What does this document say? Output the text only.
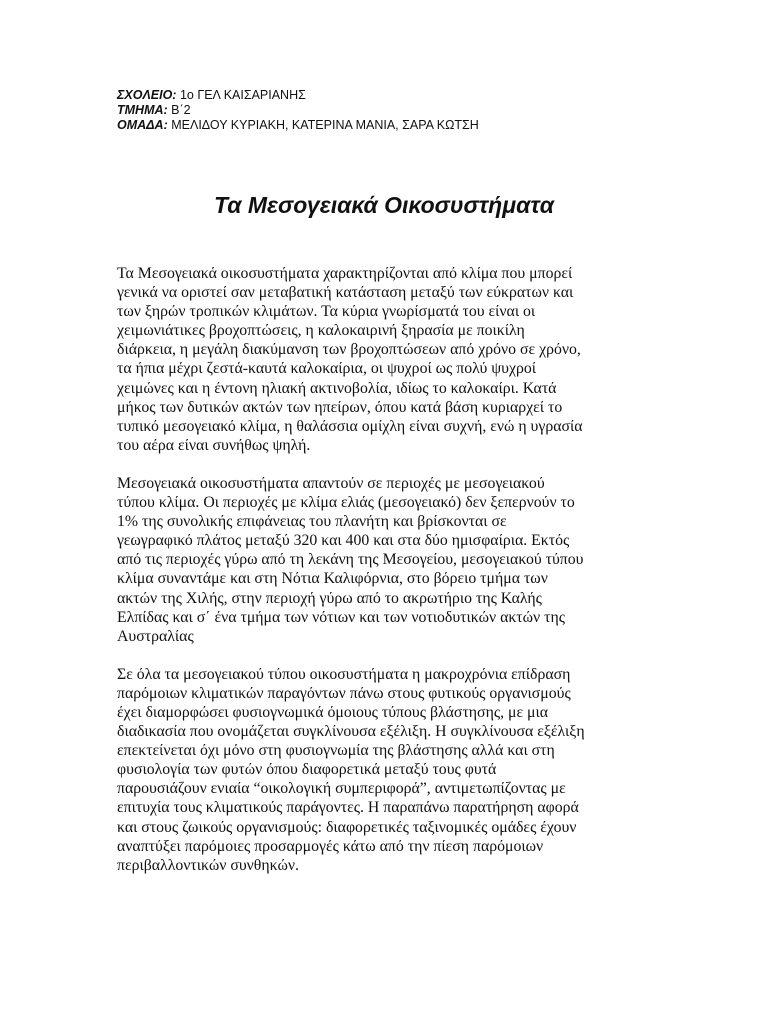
ΣΧΟΛΕΙΟ: 1ο ΓΕΛ ΚΑΙΣΑΡΙΑΝΗΣ
ΤΜΗΜΑ: Β΄2
ΟΜΑΔΑ: ΜΕΛΙΔΟΥ ΚΥΡΙΑΚΗ, ΚΑΤΕΡΙΝΑ ΜΑΝΙΑ, ΣΑΡΑ ΚΩΤΣΗ
Τα Μεσογειακά Οικοσυστήματα

Τα Μεσογειακά οικοσυστήματα χαρακτηρίζονται από κλίμα που μπορεί
γενικά να οριστεί σαν μεταβατική κατάσταση μεταξύ των εύκρατων και
των ξηρών τροπικών κλιμάτων. Τα κύρια γνωρίσματά του είναι οι
χειμωνιάτικες βροχοπτώσεις, η καλοκαιρινή ξηρασία με ποικίλη
διάρκεια, η μεγάλη διακύμανση των βροχοπτώσεων από χρόνο σε χρόνο,
τα ήπια μέχρι ζεστά-καυτά καλοκαίρια, οι ψυχροί ως πολύ ψυχροί
χειμώνες και η έντονη ηλιακή ακτινοβολία, ιδίως το καλοκαίρι. Κατά
μήκος των δυτικών ακτών των ηπείρων, όπου κατά βάση κυριαρχεί το
τυπικό μεσογειακό κλίμα, η θαλάσσια ομίχλη είναι συχνή, ενώ η υγρασία
του αέρα είναι συνήθως ψηλή.

Μεσογειακά οικοσυστήματα απαντούν σε περιοχές με μεσογειακού
τύπου κλίμα. Οι περιοχές με κλίμα ελιάς (μεσογειακό) δεν ξεπερνούν το
1% της συνολικής επιφάνειας του πλανήτη και βρίσκονται σε
γεωγραφικό πλάτος μεταξύ 320 και 400 και στα δύο ημισφαίρια. Εκτός
από τις περιοχές γύρω από τη λεκάνη της Μεσογείου, μεσογειακού τύπου
κλίμα συναντάμε και στη Νότια Καλιφόρνια, στο βόρειο τμήμα των
ακτών της Χιλής, στην περιοχή γύρω από το ακρωτήριο της Καλής
Ελπίδας και σ΄ ένα τμήμα των νότιων και των νοτιοδυτικών ακτών της
Αυστραλίας

Σε όλα τα μεσογειακού τύπου οικοσυστήματα η μακροχρόνια επίδραση
παρόμοιων κλιματικών παραγόντων πάνω στους φυτικούς οργανισμούς
έχει διαμορφώσει φυσιογνωμικά όμοιους τύπους βλάστησης, με μια
διαδικασία που ονομάζεται συγκλίνουσα εξέλιξη. Η συγκλίνουσα εξέλιξη
επεκτείνεται όχι μόνο στη φυσιογνωμία της βλάστησης αλλά και στη
φυσιολογία των φυτών όπου διαφορετικά μεταξύ τους φυτά
παρουσιάζουν ενιαία “οικολογική συμπεριφορά”, αντιμετωπίζοντας με
επιτυχία τους κλιματικούς παράγοντες. Η παραπάνω παρατήρηση αφορά
και στους ζωικούς οργανισμούς: διαφορετικές ταξινομικές ομάδες έχουν
αναπτύξει παρόμοιες προσαρμογές κάτω από την πίεση παρόμοιων
περιβαλλοντικών συνθηκών.
